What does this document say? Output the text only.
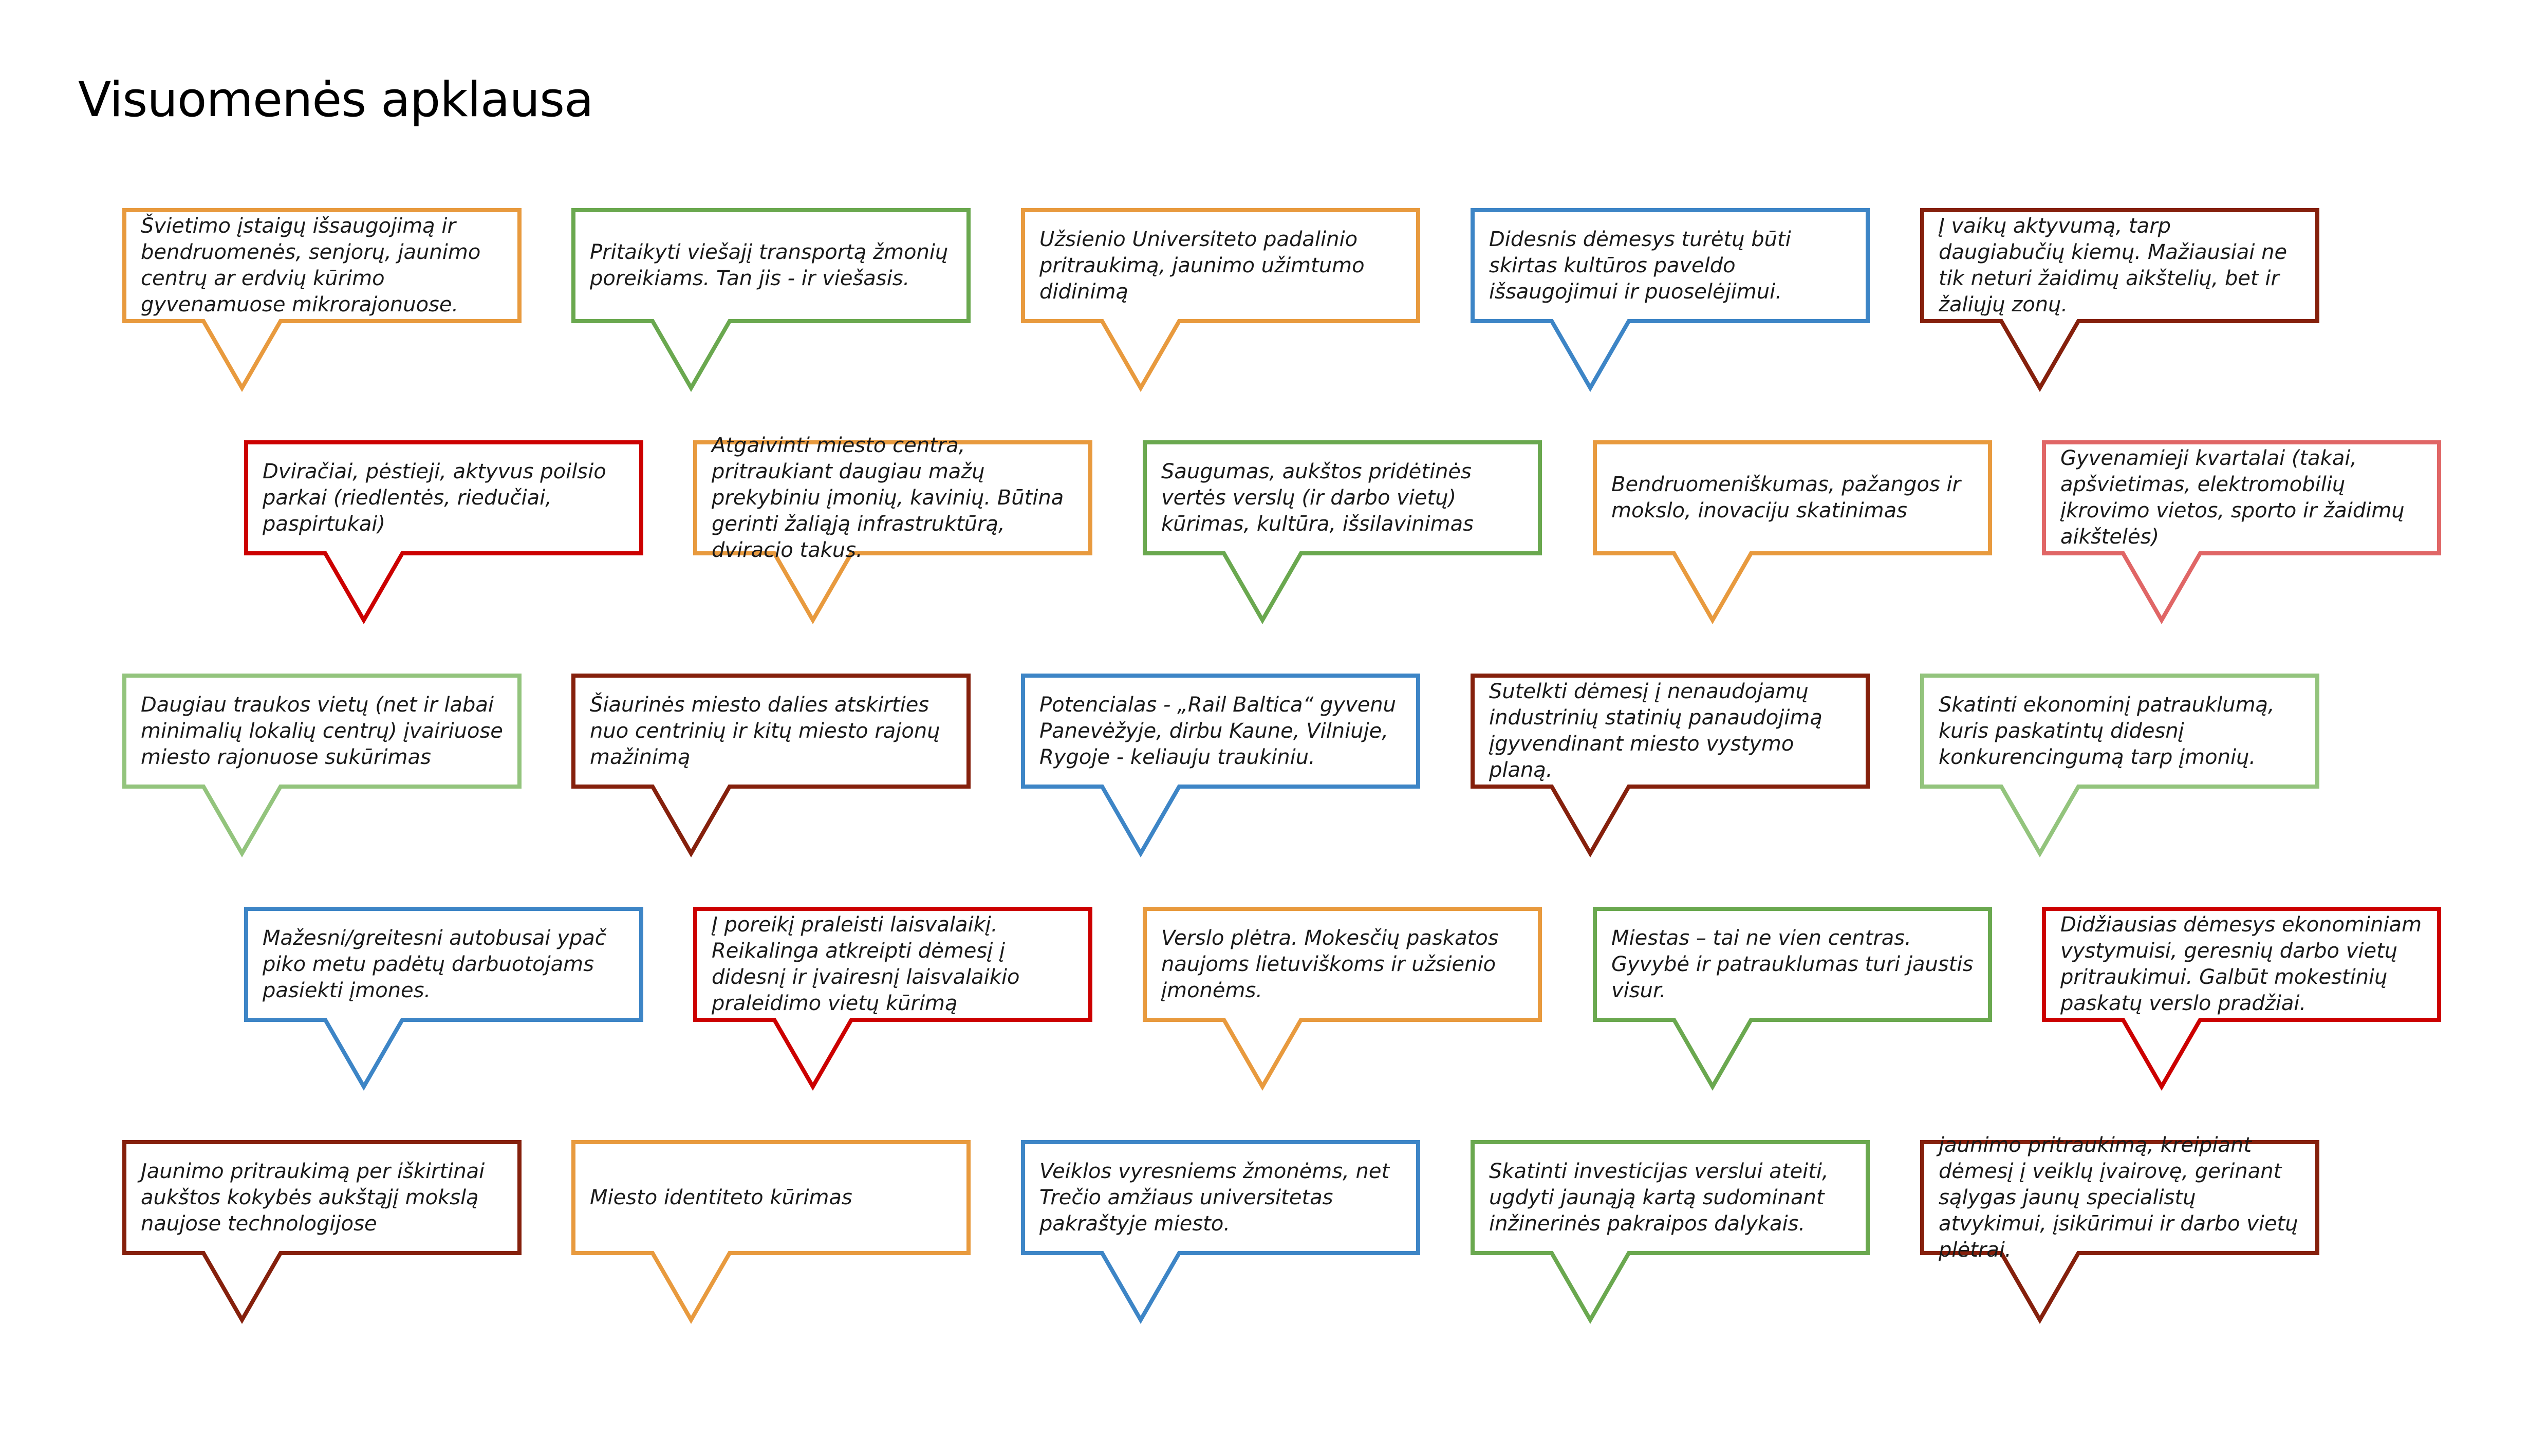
Visuomenės apklausa

Švietimo įstaigų išsaugojimą ir bendruomenės, senjorų, jaunimo centrų ar erdvių kūrimo gyvenamuose mikrorajonuose.

Pritaikyti viešajį transportą žmonių poreikiams. Tan jis - ir viešasis.

Užsienio Universiteto padalinio pritraukimą, jaunimo užimtumo didinimą

Didesnis dėmesys turėtų būti skirtas kultūros paveldo išsaugojimui ir puoselėjimui.

Į vaikų aktyvumą, tarp daugiabučių kiemų. Mažiausiai ne tik neturi žaidimų aikštelių, bet ir žaliųjų zonų.

Dviračiai, pėstieji, aktyvus poilsio parkai (riedlentės, riedučiai, paspirtukai)

Atgaivinti miesto centra, pritraukiant daugiau mažų prekybiniu įmonių, kavinių. Būtina gerinti žaliąją infrastruktūrą, dviracio takus.

Saugumas, aukštos pridėtinės vertės verslų (ir darbo vietų) kūrimas, kultūra, išsilavinimas

Bendruomeniškumas, pažangos ir mokslo, inovaciju skatinimas

Gyvenamieji kvartalai (takai, apšvietimas, elektromobilių įkrovimo vietos, sporto ir žaidimų aikštelės)

Daugiau traukos vietų (net ir labai minimalių lokalių centrų) įvairiuose miesto rajonuose sukūrimas

Šiaurinės miesto dalies atskirties nuo centrinių ir kitų miesto rajonų mažinimą

Potencialas - „Rail Baltica“ gyvenu Panevėžyje, dirbu Kaune, Vilniuje, Rygoje - keliauju traukiniu.

Sutelkti dėmesį į nenaudojamų industrinių statinių panaudojimą įgyvendinant miesto vystymo planą.

Skatinti ekonominį patrauklumą, kuris paskatintų didesnį konkurencingumą tarp įmonių.

Mažesni/greitesni autobusai ypač piko metu padėtų darbuotojams pasiekti įmones.

Į poreikį praleisti laisvalaikį. Reikalinga atkreipti dėmesį į didesnį ir įvairesnį laisvalaikio praleidimo vietų kūrimą

Verslo plėtra. Mokesčių paskatos naujoms lietuviškoms ir užsienio įmonėms.

Miestas – tai ne vien centras. Gyvybė ir patrauklumas turi jaustis visur.

Didžiausias dėmesys ekonominiam vystymuisi, geresnių darbo vietų pritraukimui. Galbūt mokestinių paskatų verslo pradžiai.

Jaunimo pritraukimą per iškirtinai aukštos kokybės aukštąjį mokslą naujose technologijose

Miesto identiteto kūrimas

Veiklos vyresniems žmonėms, net Trečio amžiaus universitetas pakraštyje miesto.

Skatinti investicijas verslui ateiti, ugdyti jaunąją kartą sudominant inžinerinės pakraipos dalykais.

jaunimo pritraukimą, kreipiant dėmesį į veiklų įvairovę, gerinant sąlygas jaunų specialistų atvykimui, įsikūrimui ir darbo vietų plėtrai.
